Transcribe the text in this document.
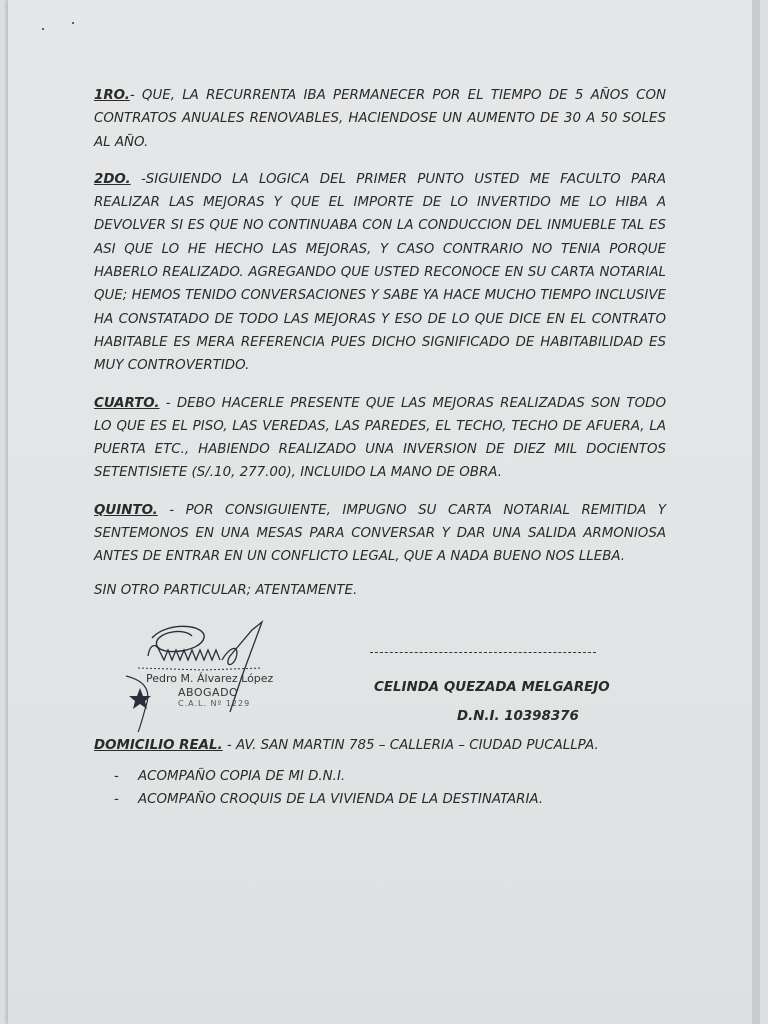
1RO.- QUE, LA RECURRENTA IBA PERMANECER POR EL TIEMPO DE 5 AÑOS CON CONTRATOS ANUALES RENOVABLES, HACIENDOSE UN AUMENTO DE 30 A 50 SOLES AL AÑO.

2DO. -SIGUIENDO LA LOGICA DEL PRIMER PUNTO USTED ME FACULTO PARA REALIZAR LAS MEJORAS Y QUE EL IMPORTE DE LO INVERTIDO ME LO HIBA A DEVOLVER SI ES QUE NO CONTINUABA CON LA CONDUCCION DEL INMUEBLE TAL ES ASI QUE LO HE HECHO LAS MEJORAS, Y CASO CONTRARIO NO TENIA PORQUE HABERLO REALIZADO. AGREGANDO QUE USTED RECONOCE EN SU CARTA NOTARIAL QUE; HEMOS TENIDO CONVERSACIONES Y SABE YA HACE MUCHO TIEMPO INCLUSIVE HA CONSTATADO DE TODO LAS MEJORAS Y ESO DE LO QUE DICE EN EL CONTRATO HABITABLE ES MERA REFERENCIA PUES DICHO SIGNIFICADO DE HABITABILIDAD ES MUY CONTROVERTIDO.

CUARTO. - DEBO HACERLE PRESENTE QUE LAS MEJORAS REALIZADAS SON TODO LO QUE ES EL PISO, LAS VEREDAS, LAS PAREDES, EL TECHO, TECHO DE AFUERA, LA PUERTA ETC., HABIENDO REALIZADO UNA INVERSION DE DIEZ MIL DOCIENTOS SETENTISIETE (S/.10, 277.00), INCLUIDO LA MANO DE OBRA.

QUINTO. - POR CONSIGUIENTE, IMPUGNO SU CARTA NOTARIAL REMITIDA Y SENTEMONOS EN UNA MESAS PARA CONVERSAR Y DAR UNA SALIDA ARMONIOSA ANTES DE ENTRAR EN UN CONFLICTO LEGAL, QUE A NADA BUENO NOS LLEBA.

SIN OTRO PARTICULAR; ATENTAMENTE.

Pedro M. Álvarez López
ABOGADO
C.A.L. Nº 1229
CELINDA QUEZADA MELGAREJO
D.N.I. 10398376

DOMICILIO REAL. - AV. SAN MARTIN 785 – CALLERIA – CIUDAD PUCALLPA.

- ACOMPAÑO COPIA DE MI D.N.I.
- ACOMPAÑO CROQUIS DE LA VIVIENDA DE LA DESTINATARIA.
